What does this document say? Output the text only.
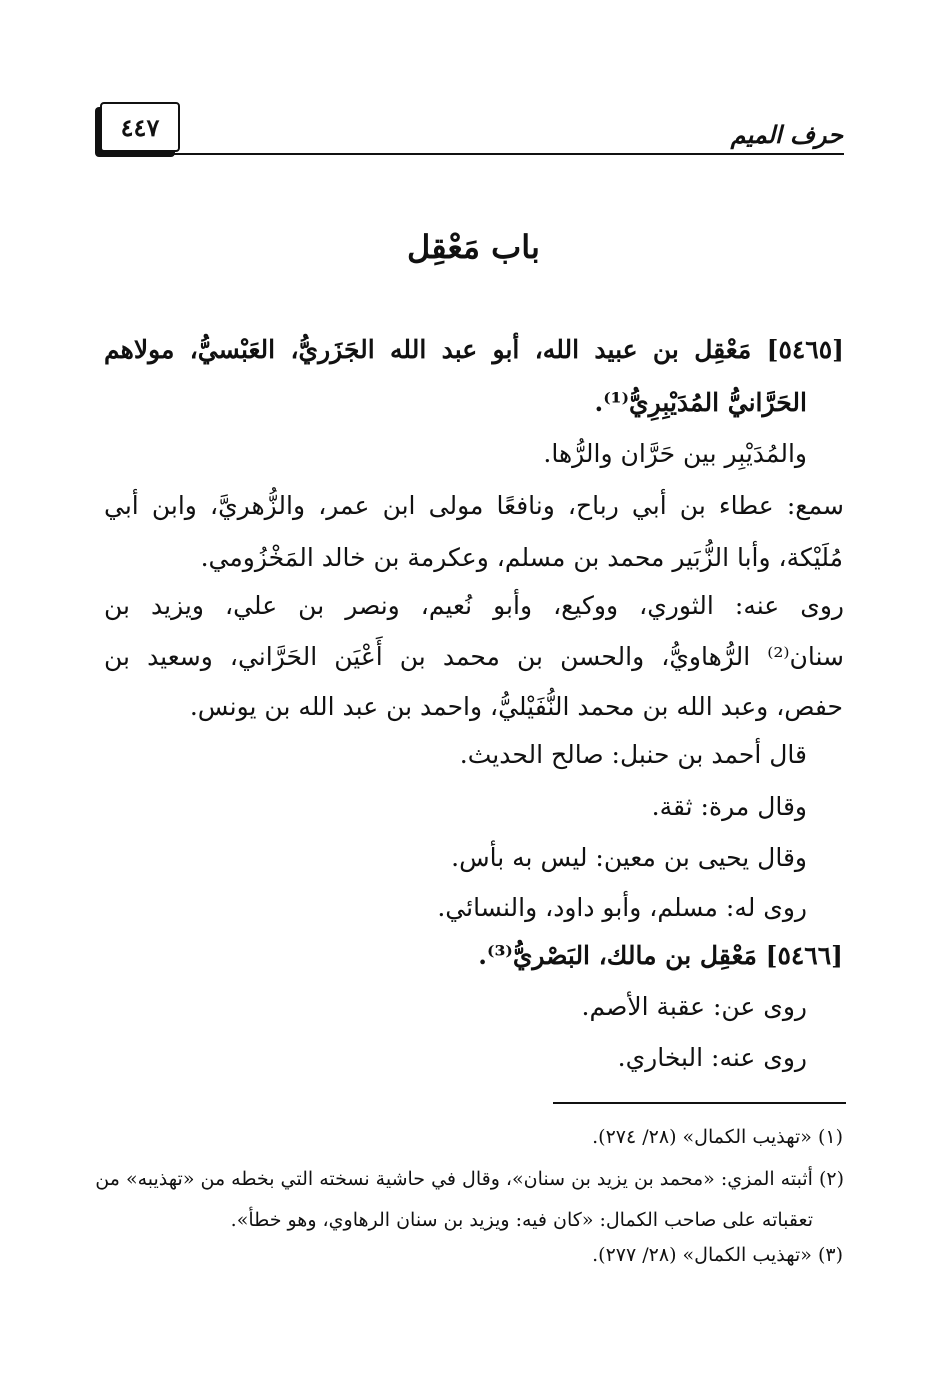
حرف الميم
٤٤٧
باب مَعْقِل
[٥٤٦٥] مَعْقِل بن عبيد الله، أبو عبد الله الجَزَريُّ، العَبْسيُّ، مولاهم
الحَرَّانيُّ المُدَيْبِرِيُّ⁽¹⁾.
والمُدَيْبِر بين حَرَّان والرُّها.
سمع: عطاء بن أبي رباح، ونافعًا مولى ابن عمر، والزُّهريَّ، وابن أبي
مُلَيْكة، وأبا الزُّبَير محمد بن مسلم، وعكرمة بن خالد المَخْزُومي.
روى عنه: الثوري، ووكيع، وأبو نُعيم، ونصر بن علي، ويزيد بن
سنان⁽²⁾ الرُّهاويُّ، والحسن بن محمد بن أَعْيَن الحَرَّاني، وسعيد بن
حفص، وعبد الله بن محمد النُّفَيْليُّ، واحمد بن عبد الله بن يونس.
قال أحمد بن حنبل: صالح الحديث.
وقال مرة: ثقة.
وقال يحيى بن معين: ليس به بأس.
روى له: مسلم، وأبو داود، والنسائي.
[٥٤٦٦] مَعْقِل بن مالك، البَصْريُّ⁽³⁾.
روى عن: عقبة الأصم.
روى عنه: البخاري.
(١) «تهذيب الكمال» (٢٨/ ٢٧٤).
(٢) أثبته المزي: «محمد بن يزيد بن سنان»، وقال في حاشية نسخته التي بخطه من «تهذيبه» من
تعقباته على صاحب الكمال: «كان فيه: ويزيد بن سنان الرهاوي، وهو خطأ».
(٣) «تهذيب الكمال» (٢٨/ ٢٧٧).
